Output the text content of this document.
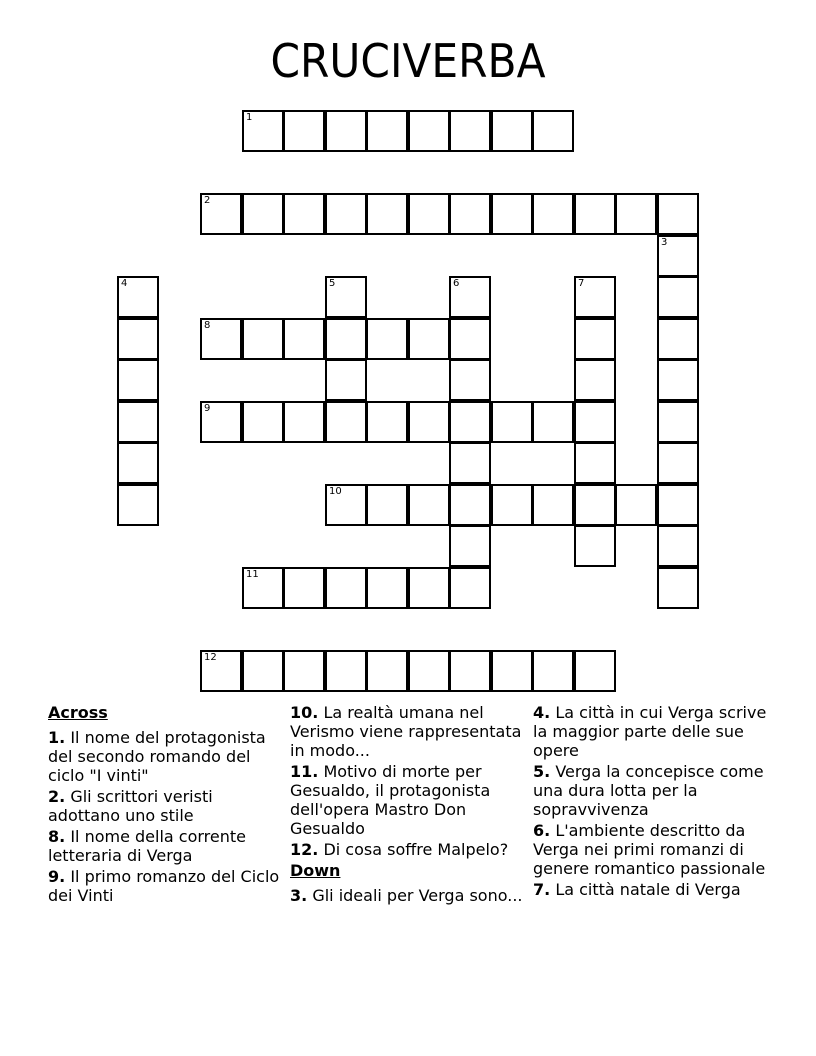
CRUCIVERBA
1
2
3
4	5	6	7
8
9
10
11
12
Across
1. Il nome del protagonista del secondo romando del ciclo "I vinti"
2. Gli scrittori veristi adottano uno stile
8. Il nome della corrente letteraria di Verga
9. Il primo romanzo del Ciclo dei Vinti
10. La realtà umana nel Verismo viene rappresentata in modo...
11. Motivo di morte per Gesualdo, il protagonista dell'opera Mastro Don Gesualdo
12. Di cosa soffre Malpelo?
Down
3. Gli ideali per Verga sono...
4. La città in cui Verga scrive la maggior parte delle sue opere
5. Verga la concepisce come una dura lotta per la sopravvivenza
6. L'ambiente descritto da Verga nei primi romanzi di genere romantico passionale
7. La città natale di Verga
